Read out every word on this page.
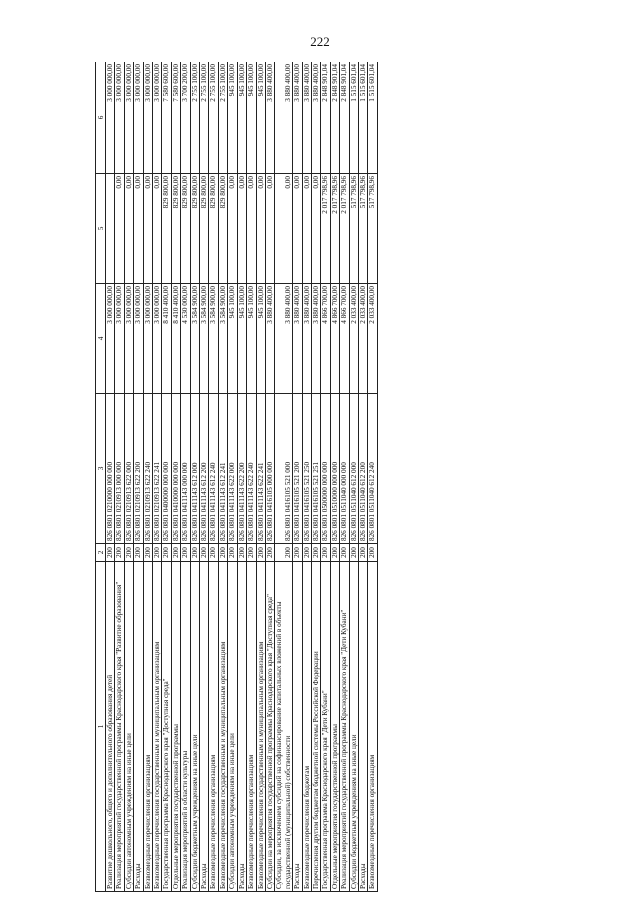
222
1	2	3	4	5	6
Развитие дошкольного, общего и дополнительного образования детей	200	826 0801 0210000 000 000	3 000 000,00		3 000 000,00
Реализация мероприятий государственной программы Краснодарского края "Развитие образования"	200	826 0801 0210913 000 000	3 000 000,00	0,00	3 000 000,00
Субсидии автономным учреждениям на иные цели	200	826 0801 0210913 622 000	3 000 000,00	0,00	3 000 000,00
Расходы	200	826 0801 0210913 622 200	3 000 000,00	0,00	3 000 000,00
Безвозмездные перечисления организациям	200	826 0801 0210913 622 240	3 000 000,00	0,00	3 000 000,00
Безвозмездные перечисления государственным и муниципальным организациям	200	826 0801 0210913 622 241	3 000 000,00	0,00	3 000 000,00
Государственная программа Краснодарского края "Доступная среда"	200	826 0801 0400000 000 000	8 410 400,00	829 800,00	7 580 600,00
Отдельные мероприятия государственной программы	200	826 0801 0410000 000 000	8 410 400,00	829 800,00	7 580 600,00
Реализация мероприятий в области культуры	200	826 0801 0411143 000 000	4 530 000,00	829 800,00	3 700 200,00
Субсидии бюджетным учреждениям на иные цели	200	826 0801 0411143 612 000	3 584 900,00	829 800,00	2 755 100,00
Расходы	200	826 0801 0411143 612 200	3 584 900,00	829 800,00	2 755 100,00
Безвозмездные перечисления организациям	200	826 0801 0411143 612 240	3 584 900,00	829 800,00	2 755 100,00
Безвозмездные перечисления государственным и муниципальным организациям	200	826 0801 0411143 612 241	3 584 900,00	829 800,00	2 755 100,00
Субсидии автономным учреждениям на иные цели	200	826 0801 0411143 622 000	945 100,00	0,00	945 100,00
Расходы	200	826 0801 0411143 622 200	945 100,00	0,00	945 100,00
Безвозмездные перечисления организациям	200	826 0801 0411143 622 240	945 100,00	0,00	945 100,00
Безвозмездные перечисления государственным и муниципальным организациям	200	826 0801 0411143 622 241	945 100,00	0,00	945 100,00
Субсидии на мероприятия государственной программы Краснодарского края "Доступная среда"	200	826 0801 0416105 000 000	3 880 400,00	0,00	3 880 400,00
Субсидии, за исключением субсидий на софинансирование капитальных вложений в объекты государственной (муниципальной) собственности	200	826 0801 0416105 521 000	3 880 400,00	0,00	3 880 400,00
Расходы	200	826 0801 0416105 521 200	3 880 400,00	0,00	3 880 400,00
Безвозмездные перечисления бюджетам	200	826 0801 0416105 521 250	3 880 400,00	0,00	3 880 400,00
Перечисления другим бюджетам бюджетной системы Российской Федерации	200	826 0801 0416105 521 251	3 880 400,00	0,00	3 880 400,00
Государственная программа Краснодарского края "Дети Кубани"	200	826 0801 0500000 000 000	4 866 700,00	2 017 798,96	2 848 901,04
Отдельные мероприятия государственной программы	200	826 0801 0510000 000 000	4 866 700,00	2 017 798,96	2 848 901,04
Реализация мероприятий государственной программы Краснодарского края "Дети Кубани"	200	826 0801 0511040 000 000	4 866 700,00	2 017 798,96	2 848 901,04
Субсидии бюджетным учреждениям на иные цели	200	826 0801 0511040 612 000	2 033 400,00	517 798,96	1 515 601,04
Расходы	200	826 0801 0511040 612 200	2 033 400,00	517 798,96	1 515 601,04
Безвозмездные перечисления организациям	200	826 0801 0511040 612 240	2 033 400,00	517 798,96	1 515 601,04
